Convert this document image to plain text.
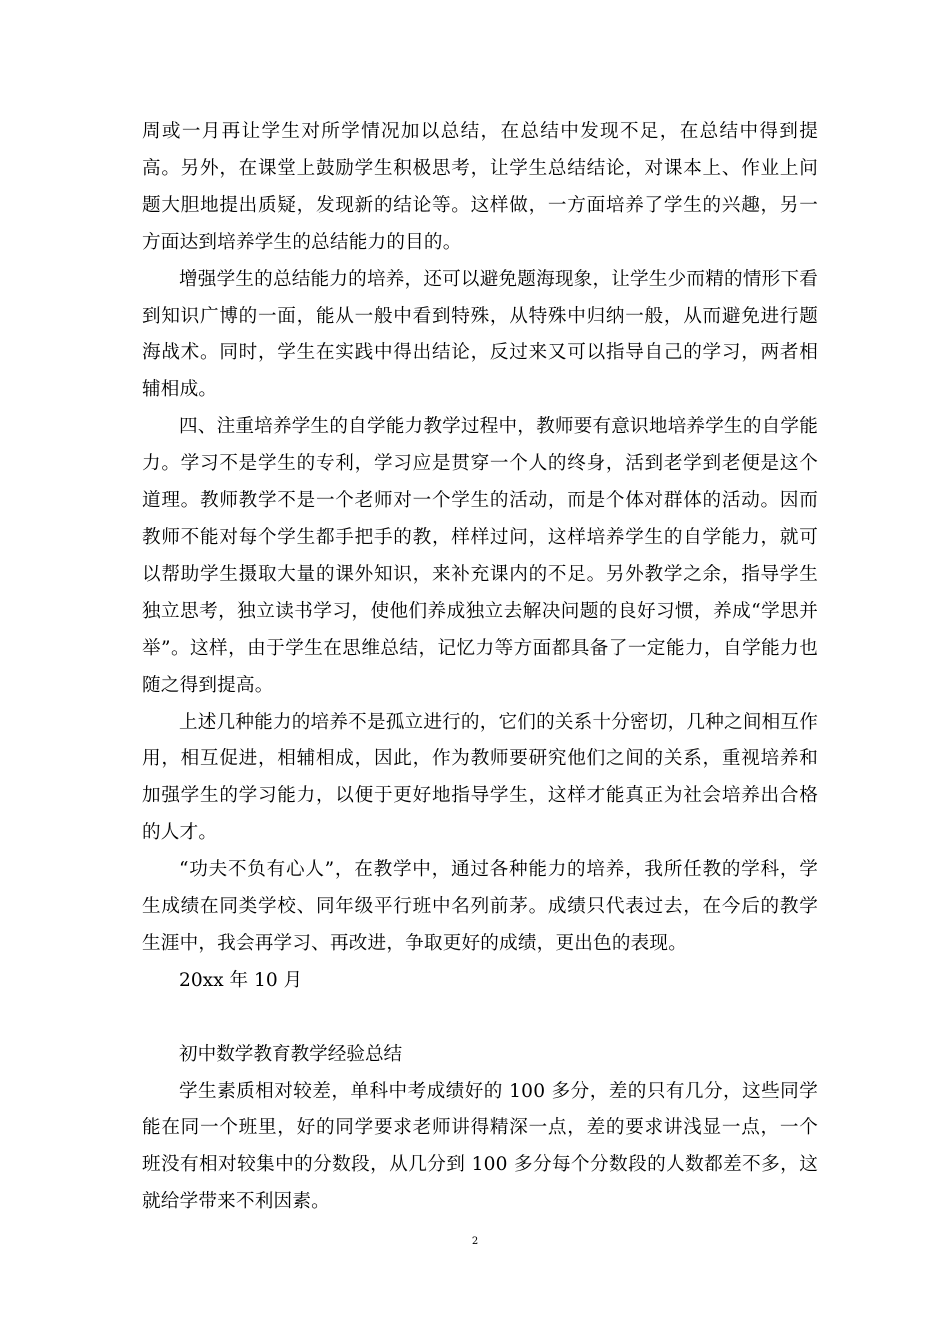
周或一月再让学生对所学情况加以总结，在总结中发现不足，在总结中得到提高。另外，在课堂上鼓励学生积极思考，让学生总结结论，对课本上、作业上问题大胆地提出质疑，发现新的结论等。这样做，一方面培养了学生的兴趣，另一方面达到培养学生的总结能力的目的。

增强学生的总结能力的培养，还可以避免题海现象，让学生少而精的情形下看到知识广博的一面，能从一般中看到特殊，从特殊中归纳一般，从而避免进行题海战术。同时，学生在实践中得出结论，反过来又可以指导自己的学习，两者相辅相成。

四、注重培养学生的自学能力教学过程中，教师要有意识地培养学生的自学能力。学习不是学生的专利，学习应是贯穿一个人的终身，活到老学到老便是这个道理。教师教学不是一个老师对一个学生的活动，而是个体对群体的活动。因而教师不能对每个学生都手把手的教，样样过问，这样培养学生的自学能力，就可以帮助学生摄取大量的课外知识，来补充课内的不足。另外教学之余，指导学生独立思考，独立读书学习，使他们养成独立去解决问题的良好习惯，养成“学思并举”。这样，由于学生在思维总结，记忆力等方面都具备了一定能力，自学能力也随之得到提高。

上述几种能力的培养不是孤立进行的，它们的关系十分密切，几种之间相互作用，相互促进，相辅相成，因此，作为教师要研究他们之间的关系，重视培养和加强学生的学习能力，以便于更好地指导学生，这样才能真正为社会培养出合格的人才。

“功夫不负有心人”，在教学中，通过各种能力的培养，我所任教的学科，学生成绩在同类学校、同年级平行班中名列前茅。成绩只代表过去，在今后的教学生涯中，我会再学习、再改进，争取更好的成绩，更出色的表现。

20xx 年 10 月

初中数学教育教学经验总结

学生素质相对较差，单科中考成绩好的 100 多分，差的只有几分，这些同学能在同一个班里，好的同学要求老师讲得精深一点，差的要求讲浅显一点，一个班没有相对较集中的分数段，从几分到 100 多分每个分数段的人数都差不多，这就给学带来不利因素。

2
